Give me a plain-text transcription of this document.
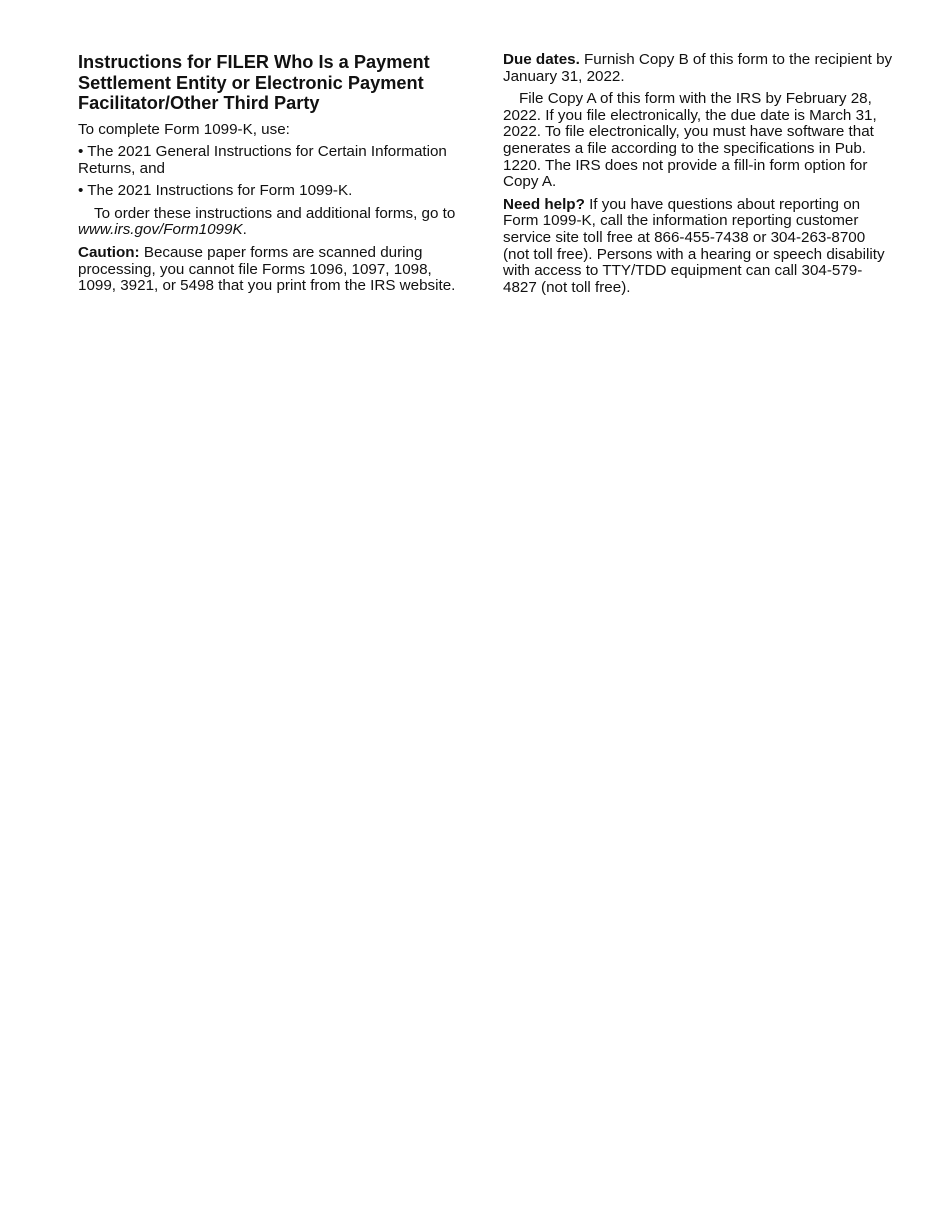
Instructions for FILER Who Is a Payment Settlement Entity or Electronic Payment Facilitator/Other Third Party

To complete Form 1099-K, use:

• The 2021 General Instructions for Certain Information Returns, and

• The 2021 Instructions for Form 1099-K.

To order these instructions and additional forms, go to www.irs.gov/Form1099K.

Caution: Because paper forms are scanned during processing, you cannot file Forms 1096, 1097, 1098, 1099, 3921, or 5498 that you print from the IRS website.

Due dates. Furnish Copy B of this form to the recipient by January 31, 2022.

File Copy A of this form with the IRS by February 28, 2022. If you file electronically, the due date is March 31, 2022. To file electronically, you must have software that generates a file according to the specifications in Pub. 1220. The IRS does not provide a fill-in form option for Copy A.

Need help? If you have questions about reporting on Form 1099-K, call the information reporting customer service site toll free at 866-455-7438 or 304-263-8700 (not toll free). Persons with a hearing or speech disability with access to TTY/TDD equipment can call 304-579-4827 (not toll free).
